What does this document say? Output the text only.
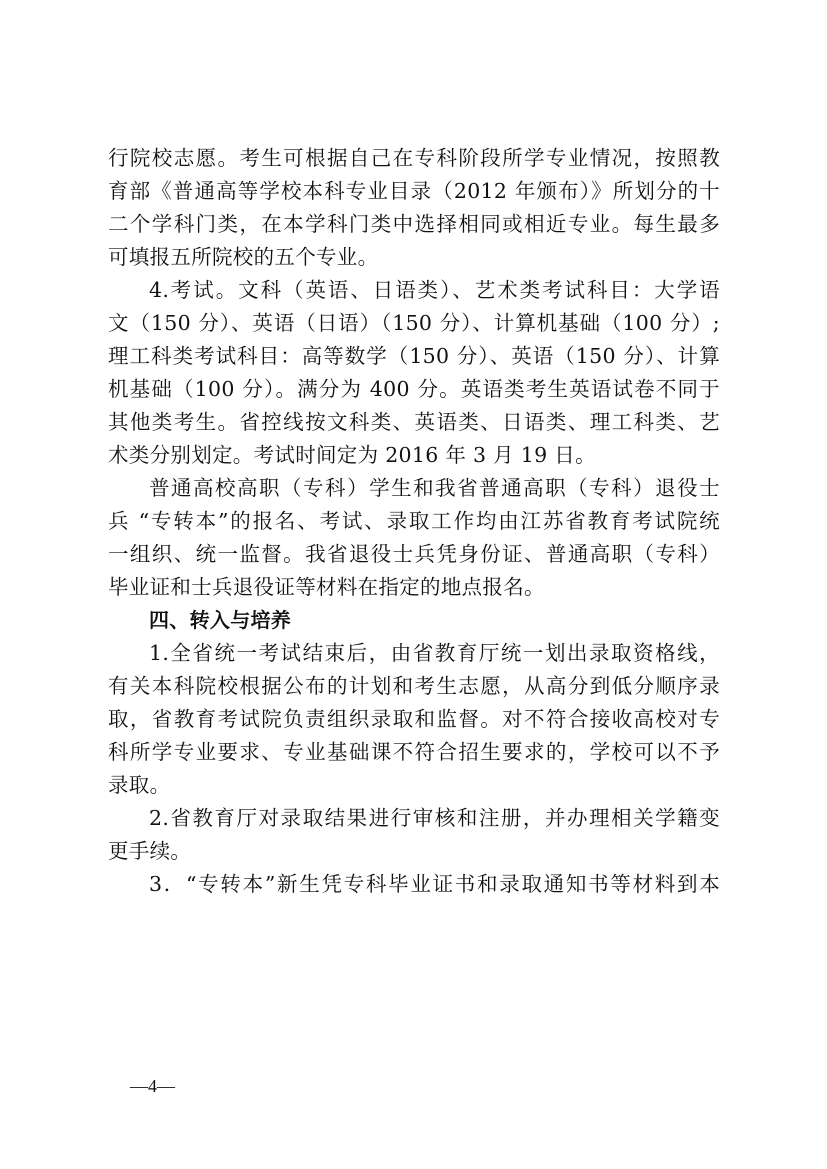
行院校志愿。考生可根据自己在专科阶段所学专业情况，按照教
育部《普通高等学校本科专业目录（2012 年颁布）》所划分的十
二个学科门类，在本学科门类中选择相同或相近专业。每生最多
可填报五所院校的五个专业。
4.考试。文科（英语、日语类）、艺术类考试科目：大学语
文（150 分）、英语（日语）（150 分）、计算机基础（100 分）;
理工科类考试科目：高等数学（150 分）、英语（150 分）、计算
机基础（100 分）。满分为 400 分。英语类考生英语试卷不同于
其他类考生。省控线按文科类、英语类、日语类、理工科类、艺
术类分别划定。考试时间定为 2016 年 3 月 19 日。
普通高校高职（专科）学生和我省普通高职（专科）退役士
兵 “专转本”的报名、考试、录取工作均由江苏省教育考试院统
一组织、统一监督。我省退役士兵凭身份证、普通高职（专科）
毕业证和士兵退役证等材料在指定的地点报名。
四、转入与培养
1.全省统一考试结束后，由省教育厅统一划出录取资格线，
有关本科院校根据公布的计划和考生志愿，从高分到低分顺序录
取，省教育考试院负责组织录取和监督。对不符合接收高校对专
科所学专业要求、专业基础课不符合招生要求的，学校可以不予
录取。
2.省教育厅对录取结果进行审核和注册，并办理相关学籍变
更手续。
3．“专转本”新生凭专科毕业证书和录取通知书等材料到本
—4—
